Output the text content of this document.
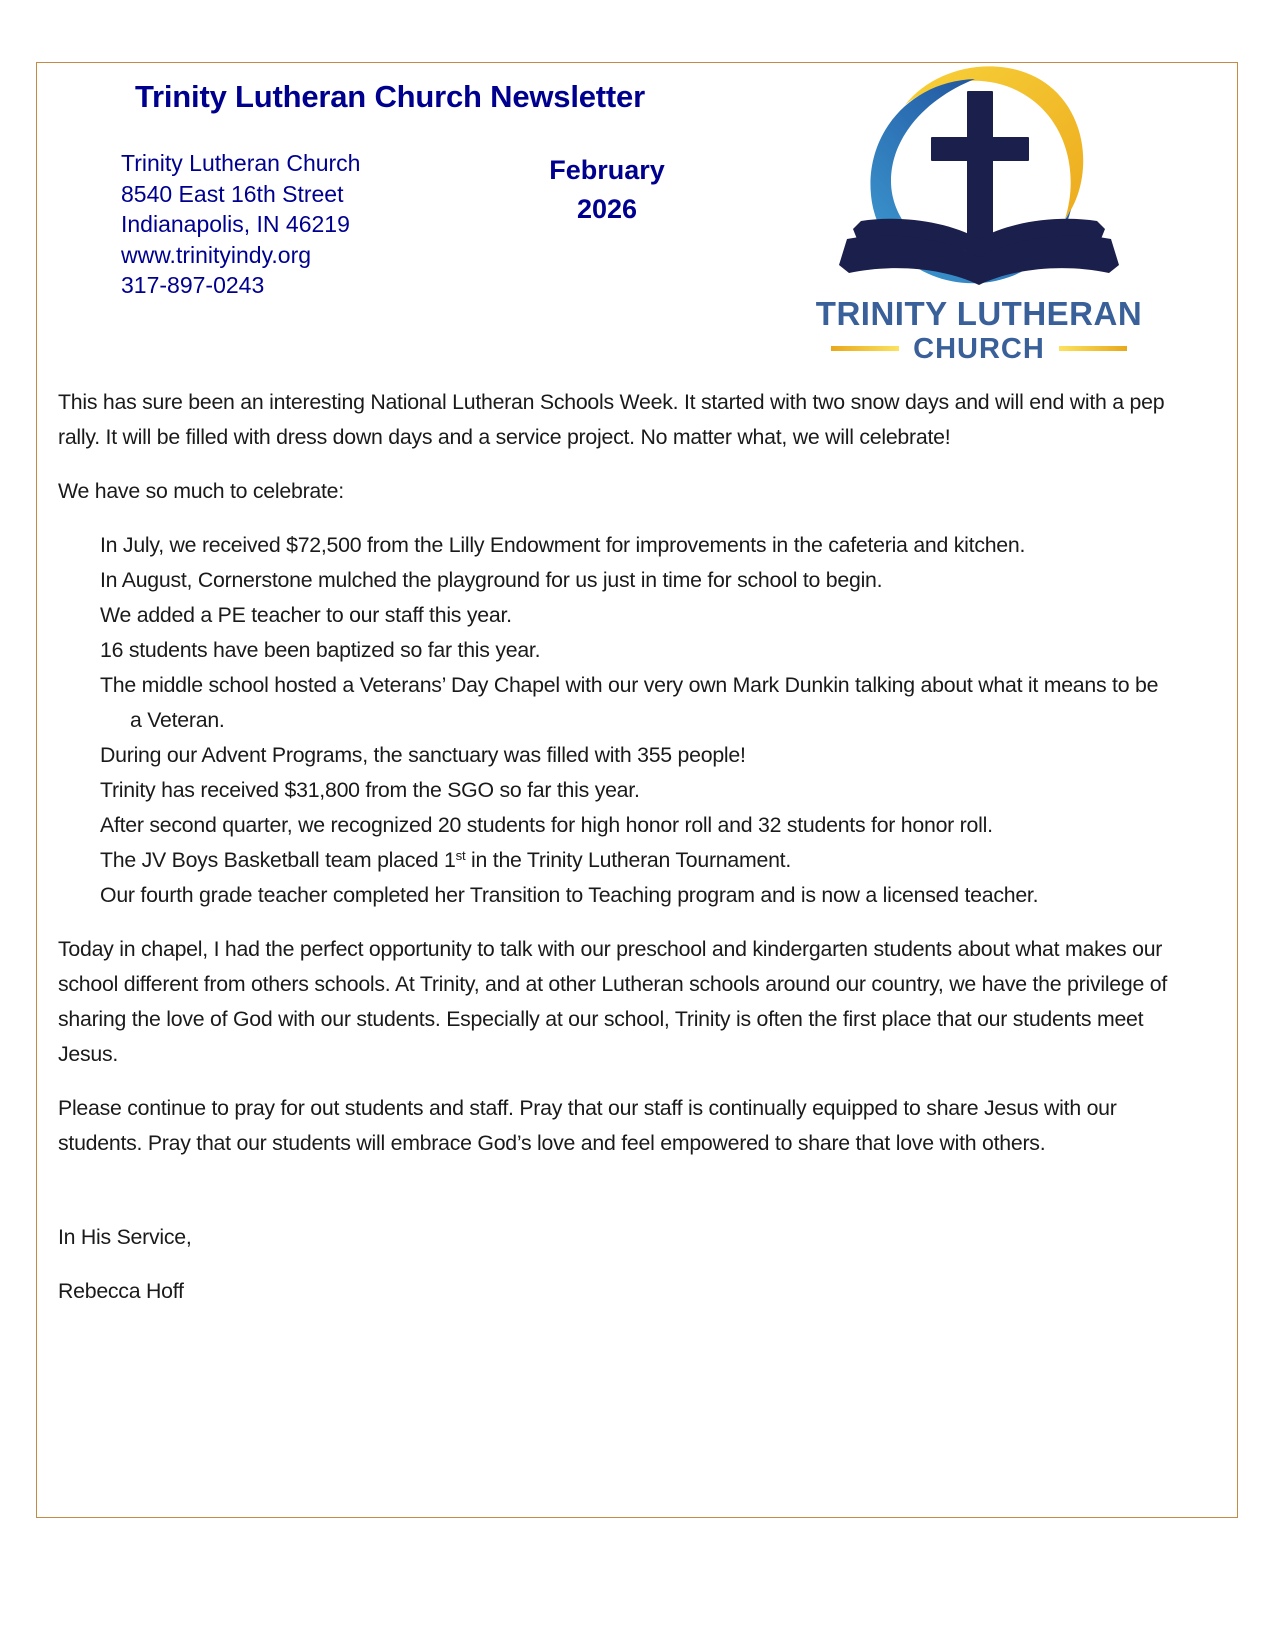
Trinity Lutheran Church Newsletter
Trinity Lutheran Church
8540 East 16th Street
Indianapolis, IN 46219
www.trinityindy.org
317-897-0243
February
2026
TRINITY LUTHERAN
CHURCH

This has sure been an interesting National Lutheran Schools Week. It started with two snow days and will end with a pep rally. It will be filled with dress down days and a service project. No matter what, we will celebrate!

We have so much to celebrate:

In July, we received $72,500 from the Lilly Endowment for improvements in the cafeteria and kitchen.
In August, Cornerstone mulched the playground for us just in time for school to begin.
We added a PE teacher to our staff this year.
16 students have been baptized so far this year.
The middle school hosted a Veterans’ Day Chapel with our very own Mark Dunkin talking about what it means to be a Veteran.
During our Advent Programs, the sanctuary was filled with 355 people!
Trinity has received $31,800 from the SGO so far this year.
After second quarter, we recognized 20 students for high honor roll and 32 students for honor roll.
The JV Boys Basketball team placed 1st in the Trinity Lutheran Tournament.
Our fourth grade teacher completed her Transition to Teaching program and is now a licensed teacher.

Today in chapel, I had the perfect opportunity to talk with our preschool and kindergarten students about what makes our school different from others schools. At Trinity, and at other Lutheran schools around our country, we have the privilege of sharing the love of God with our students. Especially at our school, Trinity is often the first place that our students meet Jesus.

Please continue to pray for out students and staff. Pray that our staff is continually equipped to share Jesus with our students. Pray that our students will embrace God’s love and feel empowered to share that love with others.

In His Service,

Rebecca Hoff
